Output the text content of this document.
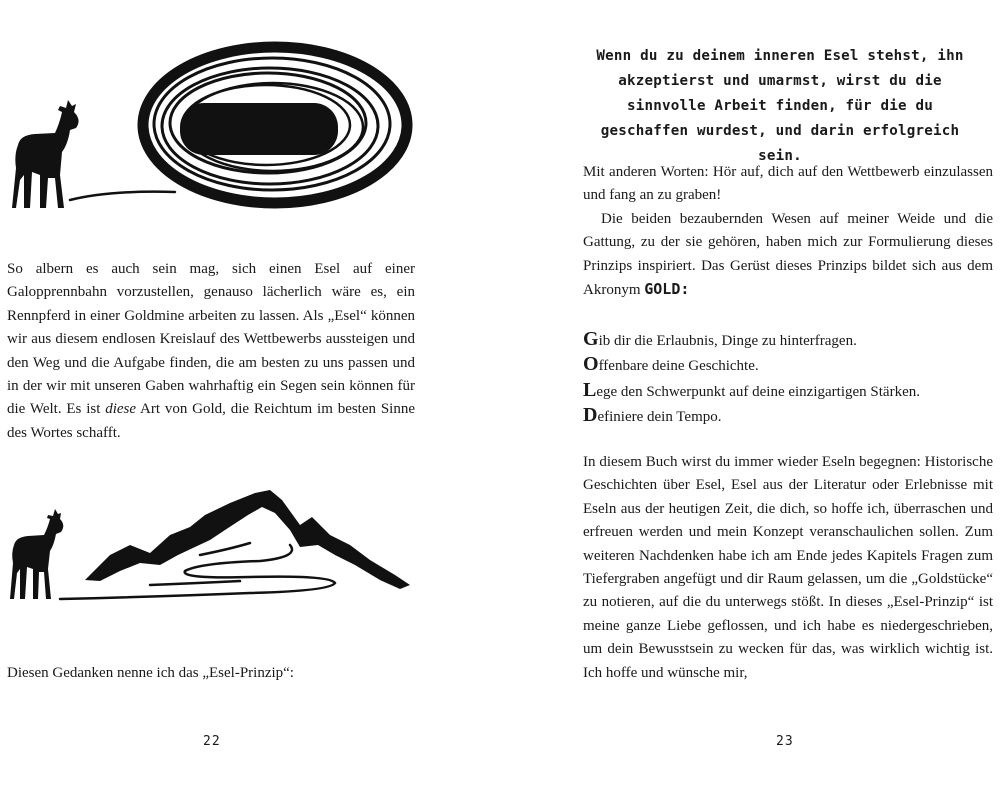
So albern es auch sein mag, sich einen Esel auf einer Galopprennbahn vorzustellen, genauso lächerlich wäre es, ein Rennpferd in einer Goldmine arbeiten zu lassen. Als „Esel“ können wir aus diesem endlosen Kreislauf des Wettbewerbs aussteigen und den Weg und die Aufgabe finden, die am besten zu uns passen und in der wir mit unseren Gaben wahrhaftig ein Segen sein können für die Welt. Es ist diese Art von Gold, die Reichtum im besten Sinne des Wortes schafft.

Diesen Gedanken nenne ich das „Esel-Prinzip“:

22

Wenn du zu deinem inneren Esel stehst, ihn akzeptierst und umarmst, wirst du die sinnvolle Arbeit finden, für die du geschaffen wurdest, und darin erfolgreich sein.

Mit anderen Worten: Hör auf, dich auf den Wettbewerb einzulassen und fang an zu graben!

Die beiden bezaubernden Wesen auf meiner Weide und die Gattung, zu der sie gehören, haben mich zur Formulierung dieses Prinzips inspiriert. Das Gerüst dieses Prinzips bildet sich aus dem Akronym GOLD:

Gib dir die Erlaubnis, Dinge zu hinterfragen.
Offenbare deine Geschichte.
Lege den Schwerpunkt auf deine einzigartigen Stärken.
Definiere dein Tempo.

In diesem Buch wirst du immer wieder Eseln begegnen: Historische Geschichten über Esel, Esel aus der Literatur oder Erlebnisse mit Eseln aus der heutigen Zeit, die dich, so hoffe ich, überraschen und erfreuen werden und mein Konzept veranschaulichen sollen. Zum weiteren Nachdenken habe ich am Ende jedes Kapitels Fragen zum Tiefergraben angefügt und dir Raum gelassen, um die „Goldstücke“ zu notieren, auf die du unterwegs stößt. In dieses „Esel-Prinzip“ ist meine ganze Liebe geflossen, und ich habe es niedergeschrieben, um dein Bewusstsein zu wecken für das, was wirklich wichtig ist. Ich hoffe und wünsche mir,

23
